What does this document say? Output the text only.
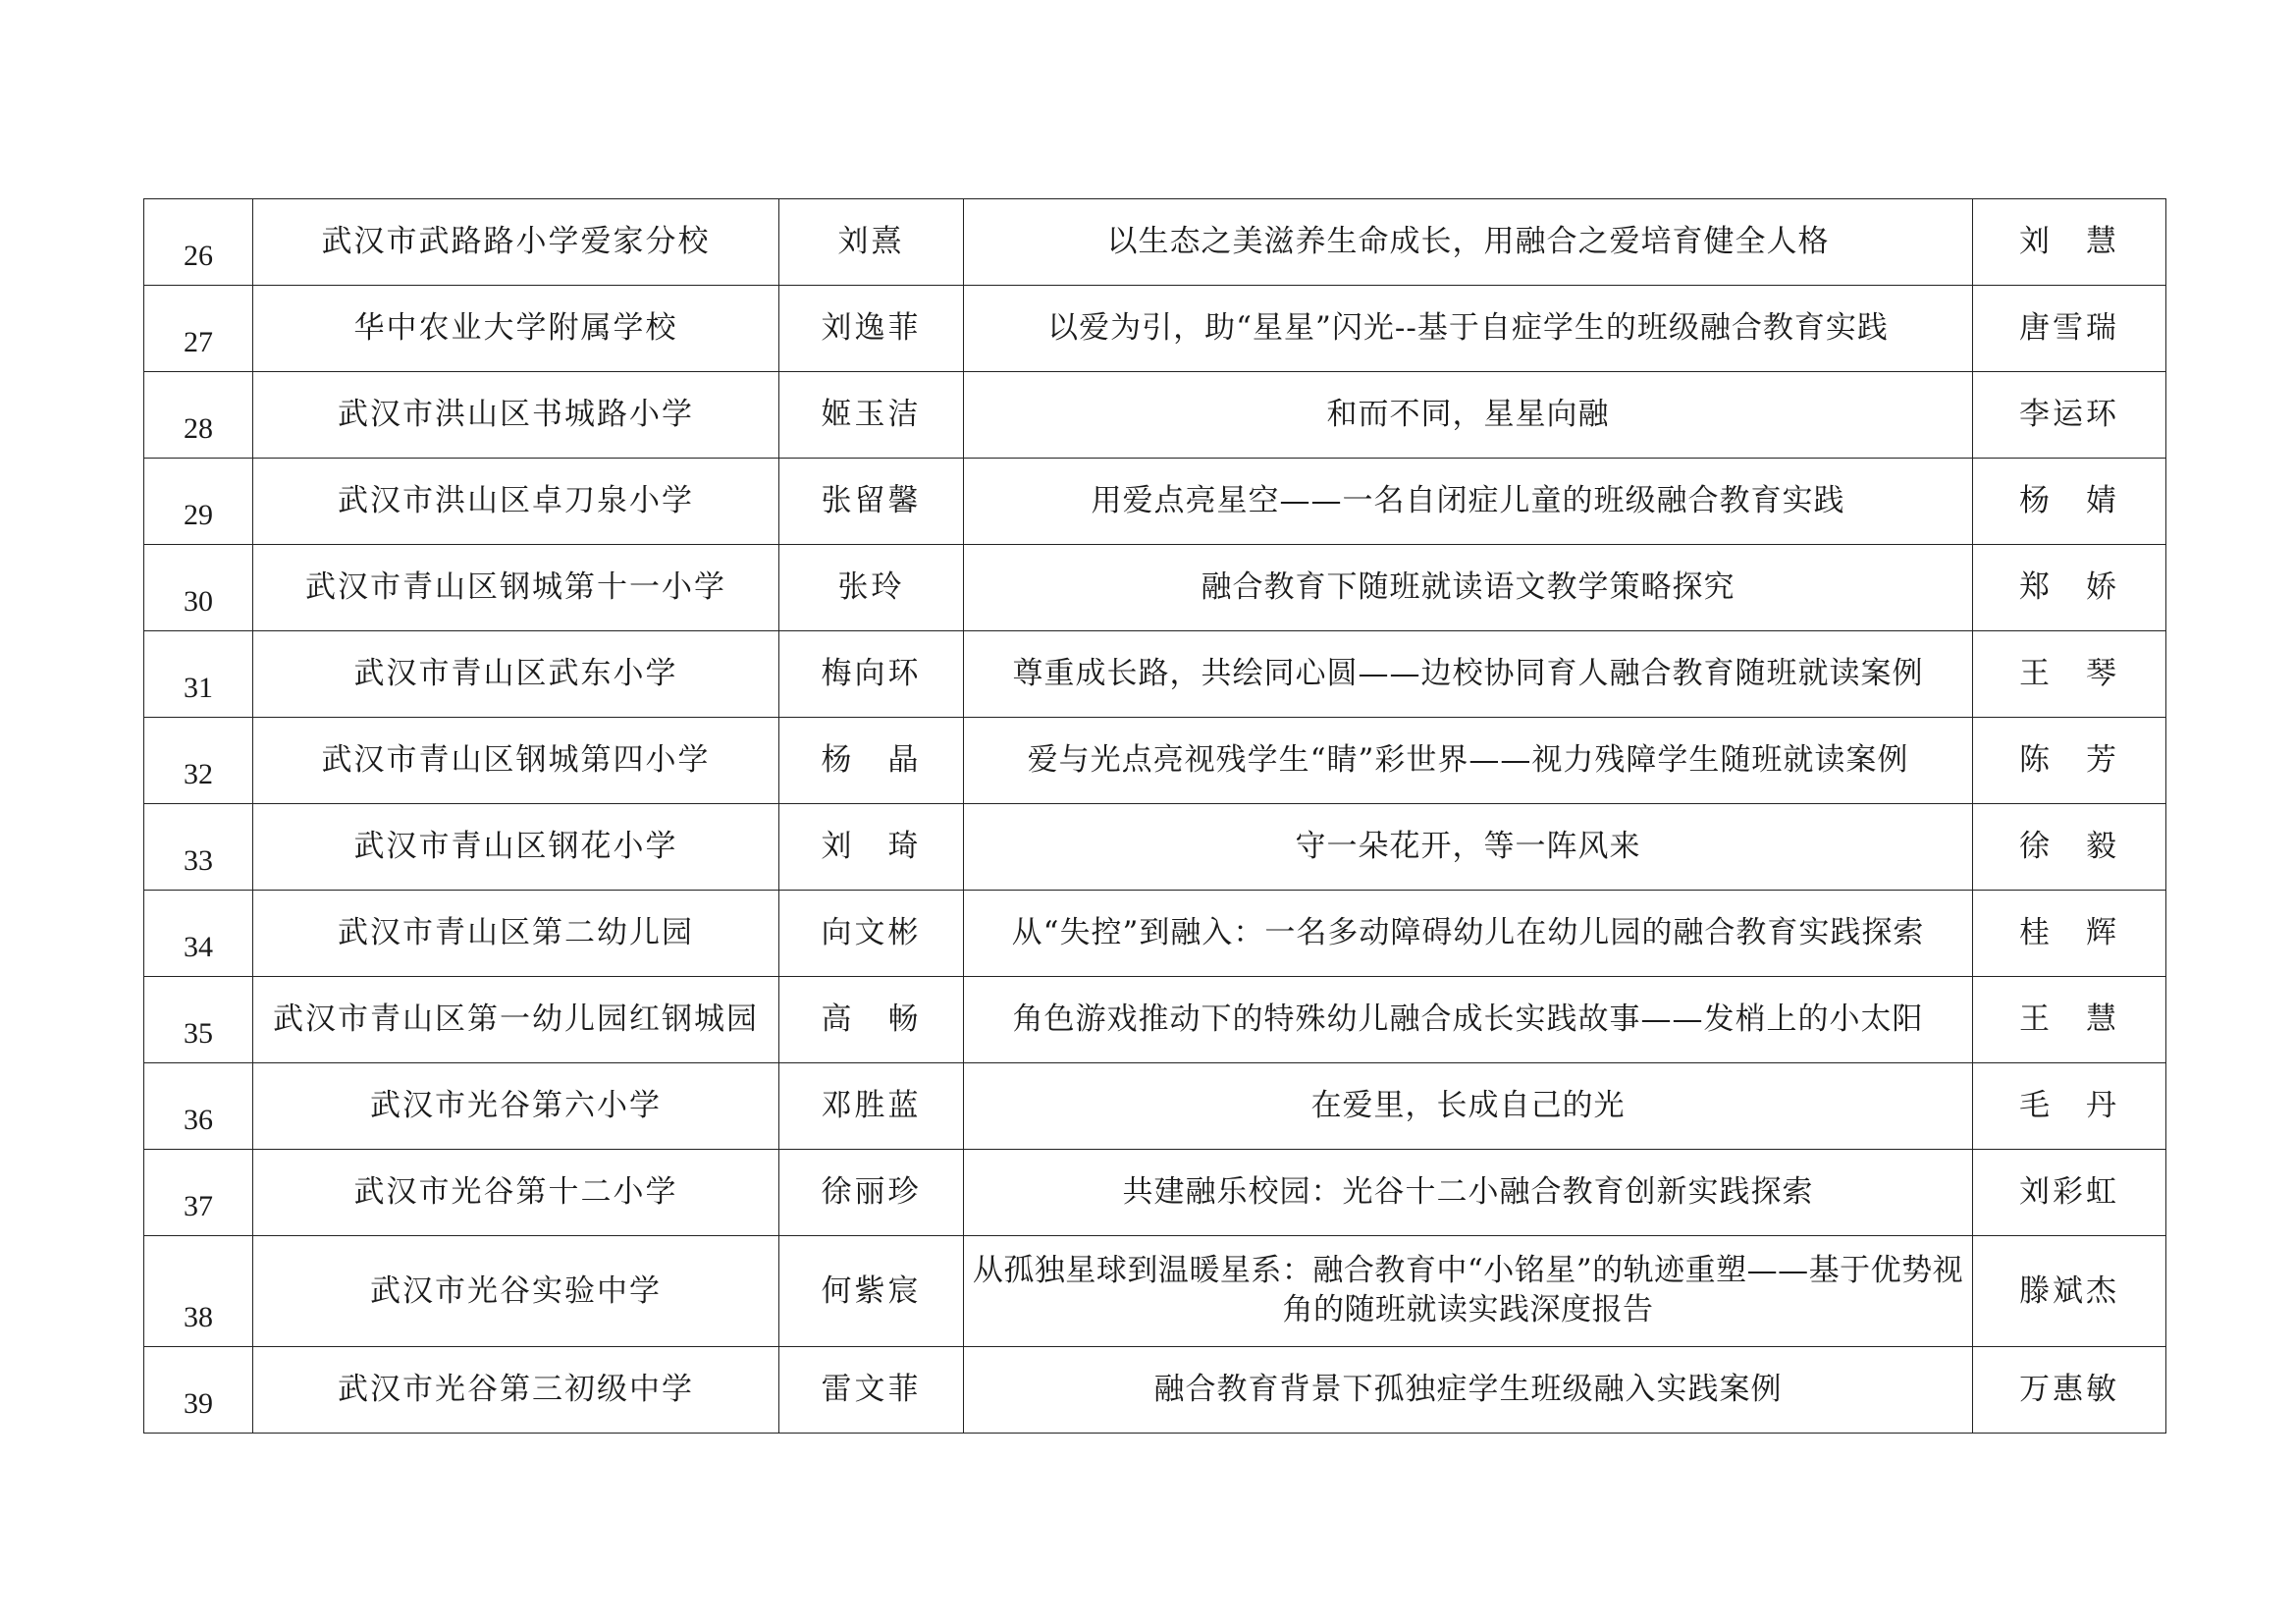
26	武汉市武路路小学爱家分校	刘熹	以生态之美滋养生命成长，用融合之爱培育健全人格	刘　慧
27	华中农业大学附属学校	刘逸菲	以爱为引，助“星星”闪光--基于自症学生的班级融合教育实践	唐雪瑞
28	武汉市洪山区书城路小学	姬玉洁	和而不同，星星向融	李运环
29	武汉市洪山区卓刀泉小学	张留馨	用爱点亮星空——一名自闭症儿童的班级融合教育实践	杨　婧
30	武汉市青山区钢城第十一小学	张玲	融合教育下随班就读语文教学策略探究	郑　娇
31	武汉市青山区武东小学	梅向环	尊重成长路，共绘同心圆——边校协同育人融合教育随班就读案例	王　琴
32	武汉市青山区钢城第四小学	杨　晶	爱与光点亮视残学生“睛”彩世界——视力残障学生随班就读案例	陈　芳
33	武汉市青山区钢花小学	刘　琦	守一朵花开，等一阵风来	徐　毅
34	武汉市青山区第二幼儿园	向文彬	从“失控”到融入：一名多动障碍幼儿在幼儿园的融合教育实践探索	桂　辉
35	武汉市青山区第一幼儿园红钢城园	高　畅	角色游戏推动下的特殊幼儿融合成长实践故事——发梢上的小太阳	王　慧
36	武汉市光谷第六小学	邓胜蓝	在爱里，长成自己的光	毛　丹
37	武汉市光谷第十二小学	徐丽珍	共建融乐校园：光谷十二小融合教育创新实践探索	刘彩虹
38	武汉市光谷实验中学	何紫宸	从孤独星球到温暖星系：融合教育中“小铭星”的轨迹重塑——基于优势视角的随班就读实践深度报告	滕斌杰
39	武汉市光谷第三初级中学	雷文菲	融合教育背景下孤独症学生班级融入实践案例	万惠敏
